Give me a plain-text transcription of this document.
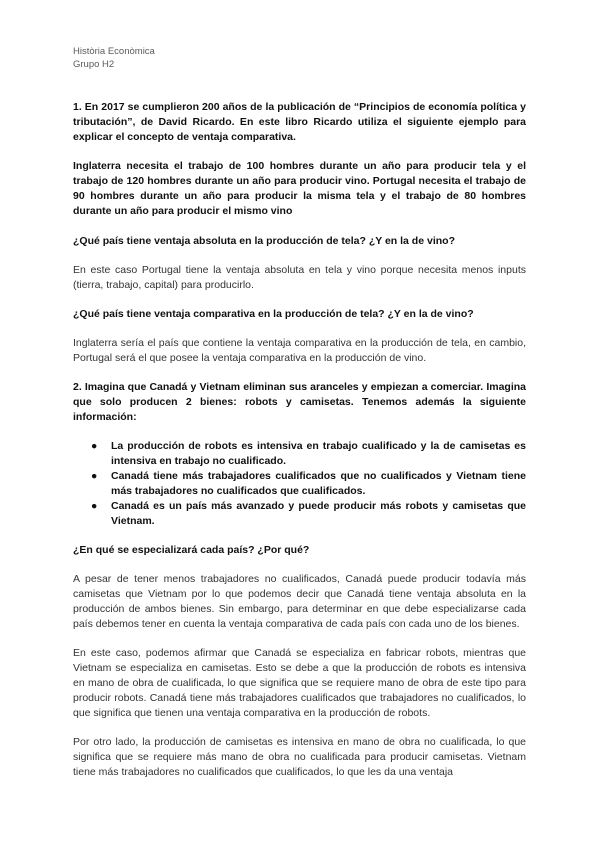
Història Econòmica
Grupo H2

1. En 2017 se cumplieron 200 años de la publicación de “Principios de economía política y tributación”, de David Ricardo. En este libro Ricardo utiliza el siguiente ejemplo para explicar el concepto de ventaja comparativa.

Inglaterra necesita el trabajo de 100 hombres durante un año para producir tela y el trabajo de 120 hombres durante un año para producir vino. Portugal necesita el trabajo de 90 hombres durante un año para producir la misma tela y el trabajo de 80 hombres durante un año para producir el mismo vino

¿Qué país tiene ventaja absoluta en la producción de tela? ¿Y en la de vino?

En este caso Portugal tiene la ventaja absoluta en tela y vino porque necesita menos inputs (tierra, trabajo, capital) para producirlo.

¿Qué país tiene ventaja comparativa en la producción de tela? ¿Y en la de vino?

Inglaterra sería el país que contiene la ventaja comparativa en la producción de tela, en cambio, Portugal será el que posee la ventaja comparativa en la producción de vino.

2. Imagina que Canadá y Vietnam eliminan sus aranceles y empiezan a comerciar. Imagina que solo producen 2 bienes: robots y camisetas. Tenemos además la siguiente información:

● La producción de robots es intensiva en trabajo cualificado y la de camisetas es intensiva en trabajo no cualificado.
● Canadá tiene más trabajadores cualificados que no cualificados y Vietnam tiene más trabajadores no cualificados que cualificados.
● Canadá es un país más avanzado y puede producir más robots y camisetas que Vietnam.

¿En qué se especializará cada país? ¿Por qué?

A pesar de tener menos trabajadores no cualificados, Canadá puede producir todavía más camisetas que Vietnam por lo que podemos decir que Canadá tiene ventaja absoluta en la producción de ambos bienes. Sin embargo, para determinar en que debe especializarse cada país debemos tener en cuenta la ventaja comparativa de cada país con cada uno de los bienes.

En este caso, podemos afirmar que Canadá se especializa en fabricar robots, mientras que Vietnam se especializa en camisetas. Esto se debe a que la producción de robots es intensiva en mano de obra de cualificada, lo que significa que se requiere mano de obra de este tipo para producir robots. Canadá tiene más trabajadores cualificados que trabajadores no cualificados, lo que significa que tienen una ventaja comparativa en la producción de robots.

Por otro lado, la producción de camisetas es intensiva en mano de obra no cualificada, lo que significa que se requiere más mano de obra no cualificada para producir camisetas. Vietnam tiene más trabajadores no cualificados que cualificados, lo que les da una ventaja
